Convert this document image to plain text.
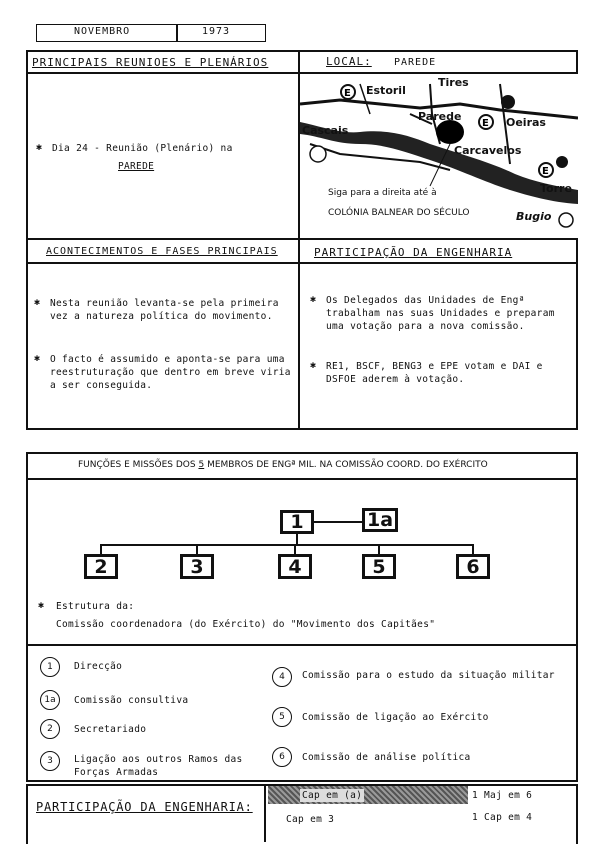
NOVEMBRO	1973
PRINCIPAIS REUNIOES E PLENÁRIOS
✱ Dia 24 - Reunião (Plenário) na
PAREDE
LOCAL: PAREDE
E
E
E
Estoril
Tires
Parede
Cascais
Oeiras
Carcavelos
Torre
Bugio
Siga para a direita até à
COLÓNIA BALNEAR DO SÉCULO
ACONTECIMENTOS E FASES PRINCIPAIS
✱ Nesta reunião levanta-se pela primeira vez a natureza política do movimento.
✱ O facto é assumido e aponta-se para uma reestruturação que dentro em breve viria a ser conseguida.
PARTICIPAÇÃO DA ENGENHARIA
✱ Os Delegados das Unidades de Engª trabalham nas suas Unidades e preparam uma votação para a nova comissão.
✱ RE1, BSCF, BENG3 e EPE votam e DAI e DSFOE aderem à votação.
FUNÇÕES E MISSÕES DOS 5 MEMBROS DE ENGª MIL. NA COMISSÃO COORD. DO EXÉRCITO
1	1a
2	3	4	5	6
✱ Estrutura da:
Comissão coordenadora (do Exército) do "Movimento dos Capitães"
1	Direcção
1a	Comissão consultiva
2	Secretariado
3	Ligação aos outros Ramos das Forças Armadas
4	Comissão para o estudo da situação militar
5	Comissão de ligação ao Exército
6	Comissão de análise política
PARTICIPAÇÃO DA ENGENHARIA:
Cap em (a)	1 Maj em 6
Cap em 3	1 Cap em 4
